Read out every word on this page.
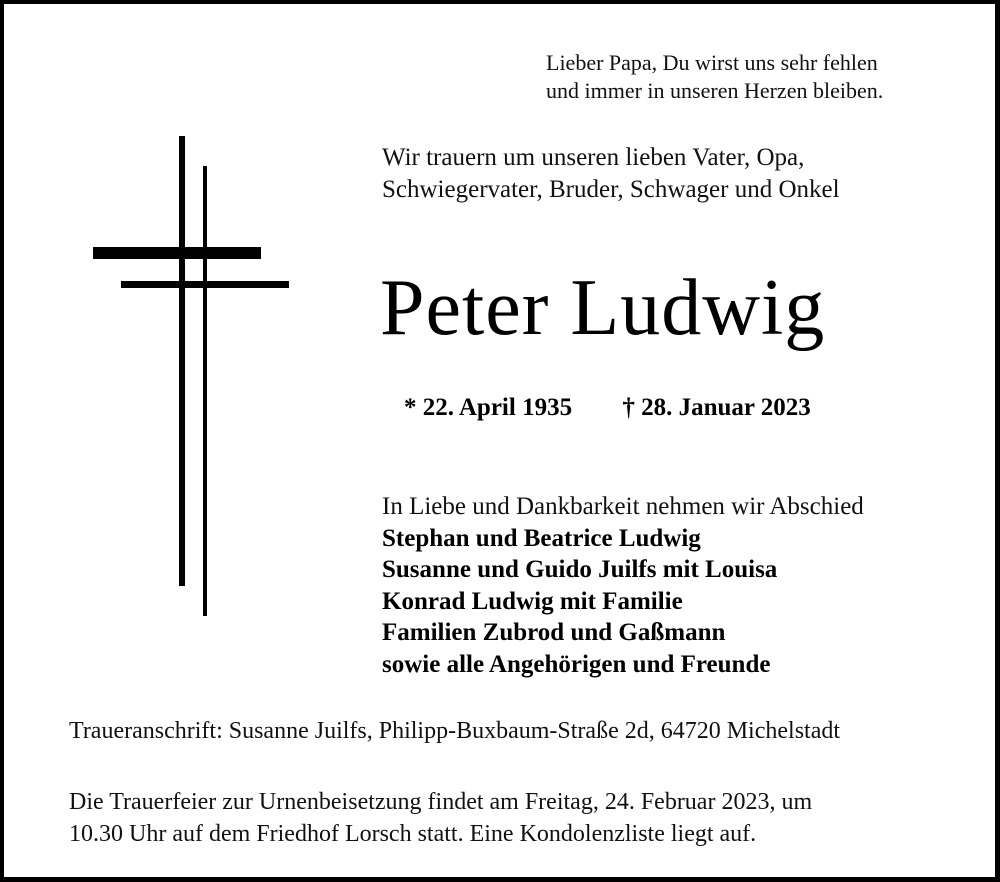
Lieber Papa, Du wirst uns sehr fehlen
und immer in unseren Herzen bleiben.
Wir trauern um unseren lieben Vater, Opa,
Schwiegervater, Bruder, Schwager und Onkel
Peter Ludwig
* 22. April 1935 † 28. Januar 2023
In Liebe und Dankbarkeit nehmen wir Abschied
Stephan und Beatrice Ludwig
Susanne und Guido Juilfs mit Louisa
Konrad Ludwig mit Familie
Familien Zubrod und Gaßmann
sowie alle Angehörigen und Freunde
Traueranschrift: Susanne Juilfs, Philipp-Buxbaum-Straße 2d, 64720 Michelstadt
Die Trauerfeier zur Urnenbeisetzung findet am Freitag, 24. Februar 2023, um
10.30 Uhr auf dem Friedhof Lorsch statt. Eine Kondolenzliste liegt auf.
